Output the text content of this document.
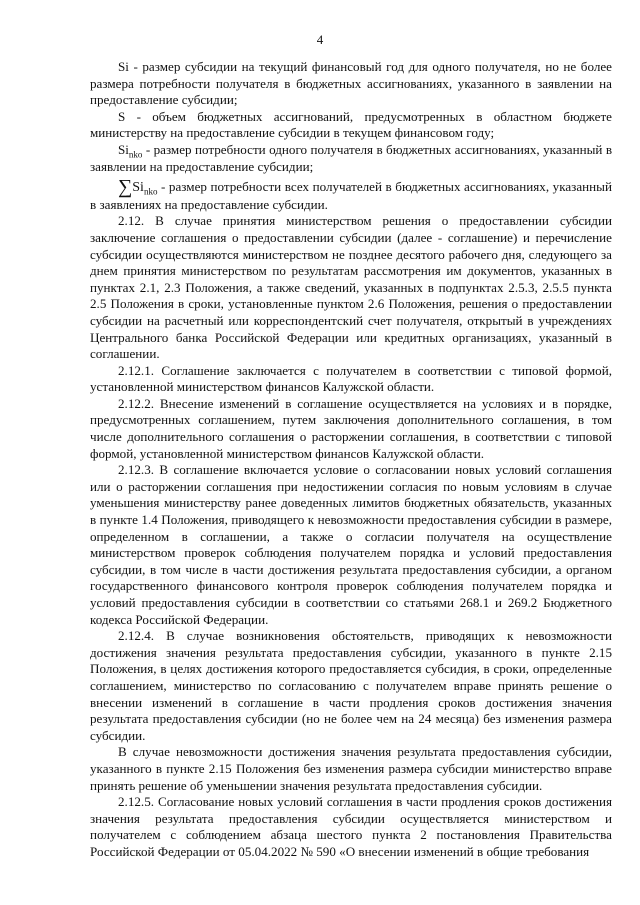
4

Si - размер субсидии на текущий финансовый год для одного получателя, но не более размера потребности получателя в бюджетных ассигнованиях, указанного в заявлении на предоставление субсидии;

S - объем бюджетных ассигнований, предусмотренных в областном бюджете министерству на предоставление субсидии в текущем финансовом году;

$Si_{nko}$ - размер потребности одного получателя в бюджетных ассигнованиях, указанный в заявлении на предоставление субсидии;

$\sum Si_{nko}$ - размер потребности всех получателей в бюджетных ассигнованиях, указанный в заявлениях на предоставление субсидии.

2.12. В случае принятия министерством решения о предоставлении субсидии заключение соглашения о предоставлении субсидии (далее - соглашение) и перечисление субсидии осуществляются министерством не позднее десятого рабочего дня, следующего за днем принятия министерством по результатам рассмотрения им документов, указанных в пунктах 2.1, 2.3 Положения, а также сведений, указанных в подпунктах 2.5.3, 2.5.5 пункта 2.5 Положения в сроки, установленные пунктом 2.6 Положения, решения о предоставлении субсидии на расчетный или корреспондентский счет получателя, открытый в учреждениях Центрального банка Российской Федерации или кредитных организациях, указанный в соглашении.

2.12.1. Соглашение заключается с получателем в соответствии с типовой формой, установленной министерством финансов Калужской области.

2.12.2. Внесение изменений в соглашение осуществляется на условиях и в порядке, предусмотренных соглашением, путем заключения дополнительного соглашения, в том числе дополнительного соглашения о расторжении соглашения, в соответствии с типовой формой, установленной министерством финансов Калужской области.

2.12.3. В соглашение включается условие о согласовании новых условий соглашения или о расторжении соглашения при недостижении согласия по новым условиям в случае уменьшения министерству ранее доведенных лимитов бюджетных обязательств, указанных в пункте 1.4 Положения, приводящего к невозможности предоставления субсидии в размере, определенном в соглашении, а также о согласии получателя на осуществление министерством проверок соблюдения получателем порядка и условий предоставления субсидии, в том числе в части достижения результата предоставления субсидии, а органом государственного финансового контроля проверок соблюдения получателем порядка и условий предоставления субсидии в соответствии со статьями 268.1 и 269.2 Бюджетного кодекса Российской Федерации.

2.12.4. В случае возникновения обстоятельств, приводящих к невозможности достижения значения результата предоставления субсидии, указанного в пункте 2.15 Положения, в целях достижения которого предоставляется субсидия, в сроки, определенные соглашением, министерство по согласованию с получателем вправе принять решение о внесении изменений в соглашение в части продления сроков достижения значения результата предоставления субсидии (но не более чем на 24 месяца) без изменения размера субсидии.

В случае невозможности достижения значения результата предоставления субсидии, указанного в пункте 2.15 Положения без изменения размера субсидии министерство вправе принять решение об уменьшении значения результата предоставления субсидии.

2.12.5. Согласование новых условий соглашения в части продления сроков достижения значения результата предоставления субсидии осуществляется министерством и получателем с соблюдением абзаца шестого пункта 2 постановления Правительства Российской Федерации от 05.04.2022 № 590 «О внесении изменений в общие требования
